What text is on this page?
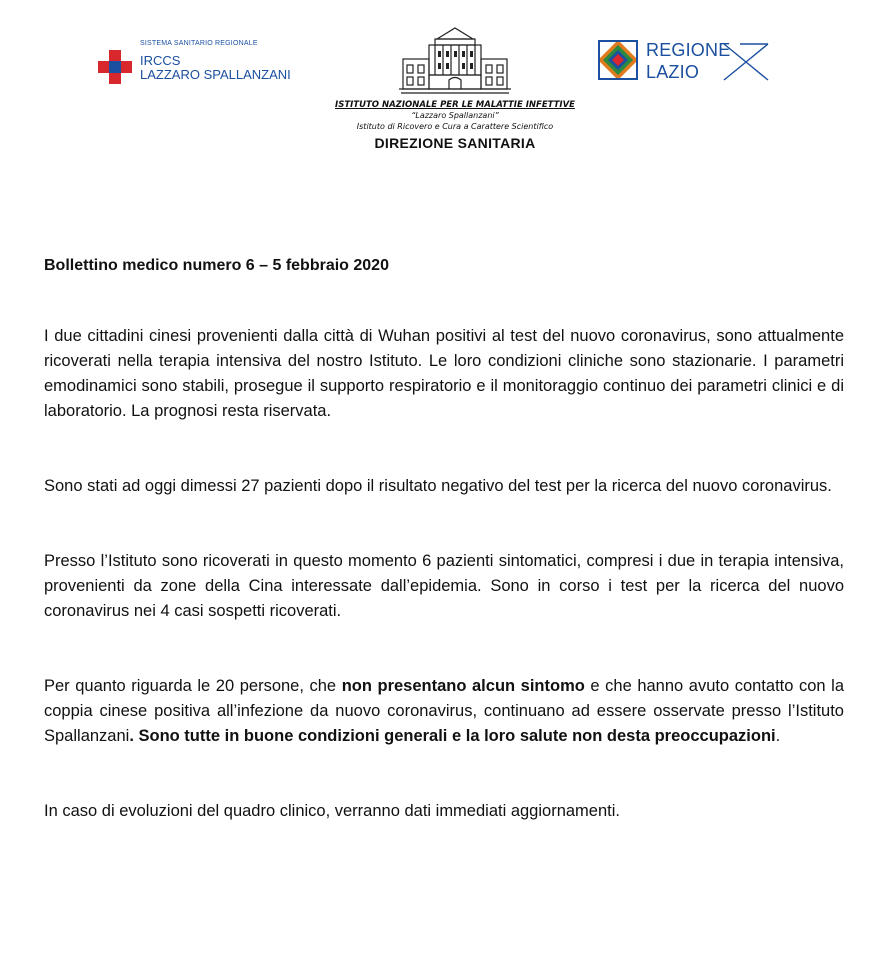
SISTEMA SANITARIO REGIONALE
IRCCS
LAZZARO SPALLANZANI
ISTITUTO NAZIONALE PER LE MALATTIE INFETTIVE
“Lazzaro Spallanzani”
Istituto di Ricovero e Cura a Carattere Scientifico
DIREZIONE SANITARIA
REGIONE
LAZIO

Bollettino medico numero 6 – 5 febbraio 2020

I due cittadini cinesi provenienti dalla città di Wuhan positivi al test del nuovo coronavirus, sono attualmente ricoverati nella terapia intensiva del nostro Istituto. Le loro condizioni cliniche sono stazionarie. I parametri emodinamici sono stabili, prosegue il supporto respiratorio e il monitoraggio continuo dei parametri clinici e di laboratorio. La prognosi resta riservata.

Sono stati ad oggi dimessi 27 pazienti dopo il risultato negativo del test per la ricerca del nuovo coronavirus.

Presso l’Istituto sono ricoverati in questo momento 6 pazienti sintomatici, compresi i due in terapia intensiva, provenienti da zone della Cina interessate dall’epidemia. Sono in corso i test per la ricerca del nuovo coronavirus nei 4 casi sospetti ricoverati.

Per quanto riguarda le 20 persone, che non presentano alcun sintomo e che hanno avuto contatto con la coppia cinese positiva all’infezione da nuovo coronavirus, continuano ad essere osservate presso l’Istituto Spallanzani. Sono tutte in buone condizioni generali e la loro salute non desta preoccupazioni.

In caso di evoluzioni del quadro clinico, verranno dati immediati aggiornamenti.
